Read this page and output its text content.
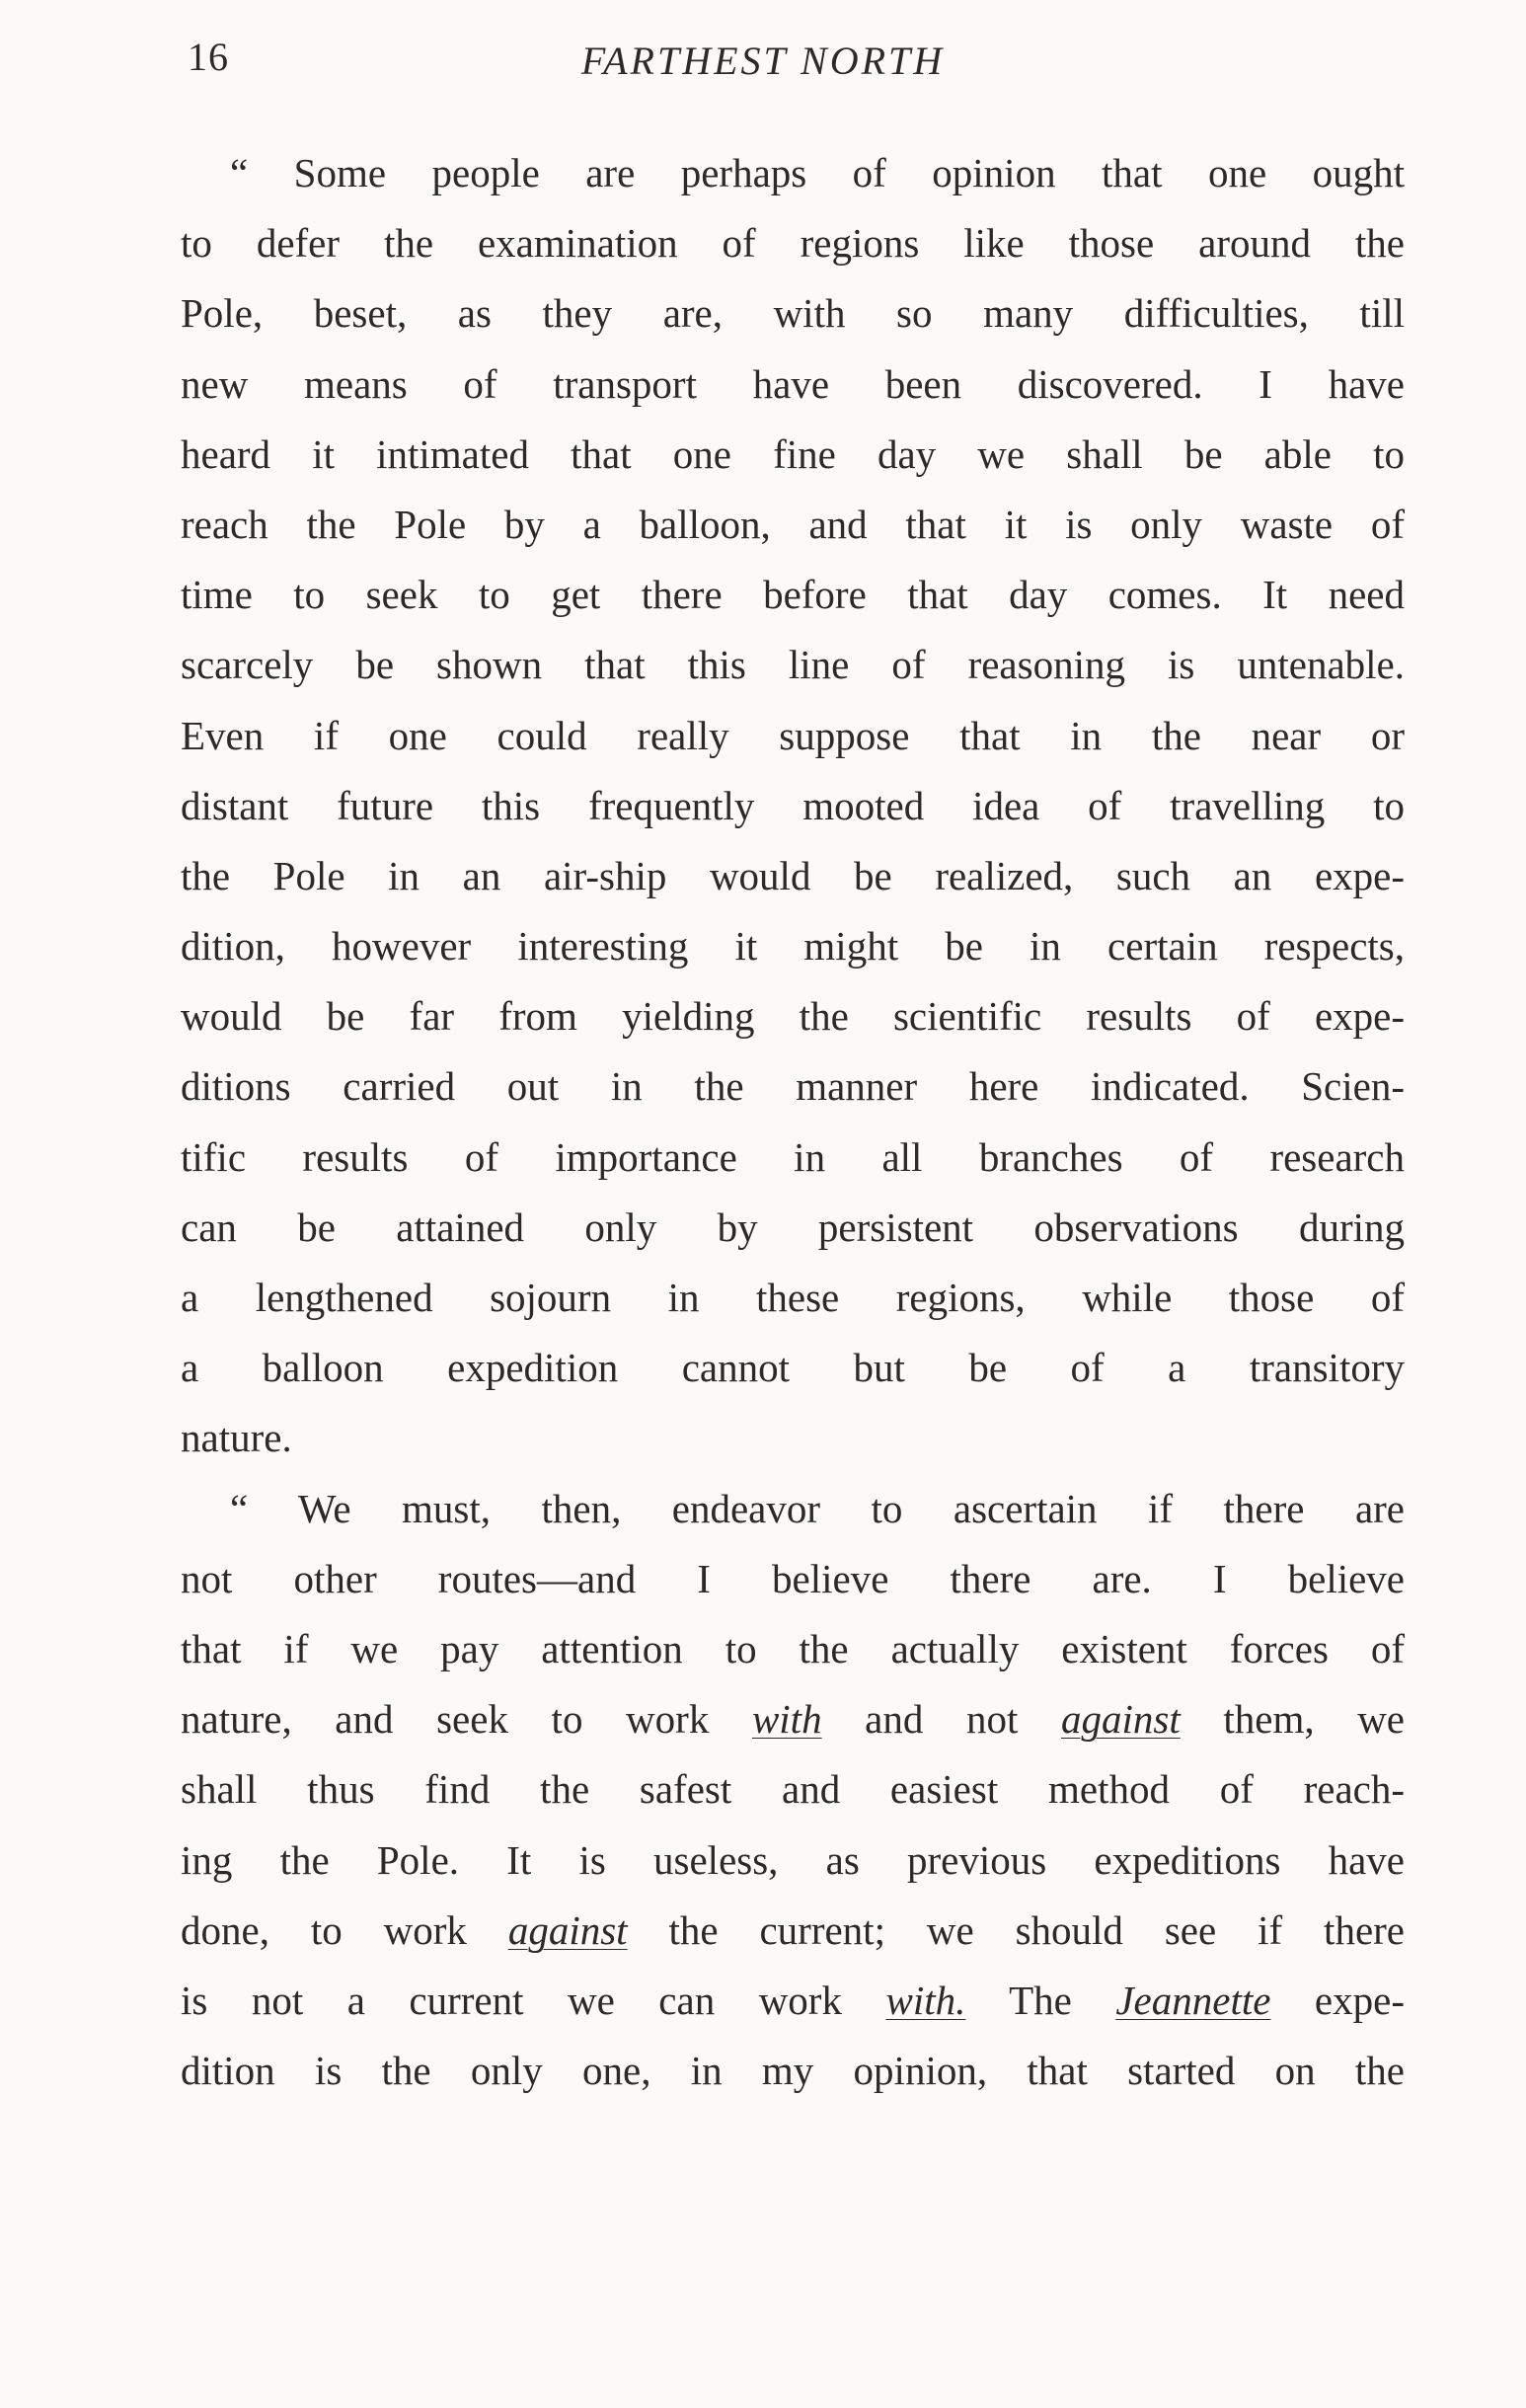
16	FARTHEST NORTH
“ Some people are perhaps of opinion that one ought
to defer the examination of regions like those around the
Pole, beset, as they are, with so many difficulties, till
new means of transport have been discovered. I have
heard it intimated that one fine day we shall be able to
reach the Pole by a balloon, and that it is only waste of
time to seek to get there before that day comes. It need
scarcely be shown that this line of reasoning is untenable.
Even if one could really suppose that in the near or
distant future this frequently mooted idea of travelling to
the Pole in an air-ship would be realized, such an expe-
dition, however interesting it might be in certain respects,
would be far from yielding the scientific results of expe-
ditions carried out in the manner here indicated. Scien-
tific results of importance in all branches of research
can be attained only by persistent observations during
a lengthened sojourn in these regions, while those of
a balloon expedition cannot but be of a transitory
nature.
“ We must, then, endeavor to ascertain if there are
not other routes—and I believe there are. I believe
that if we pay attention to the actually existent forces of
nature, and seek to work with and not against them, we
shall thus find the safest and easiest method of reach-
ing the Pole. It is useless, as previous expeditions have
done, to work against the current; we should see if there
is not a current we can work with. The Jeannette expe-
dition is the only one, in my opinion, that started on the
